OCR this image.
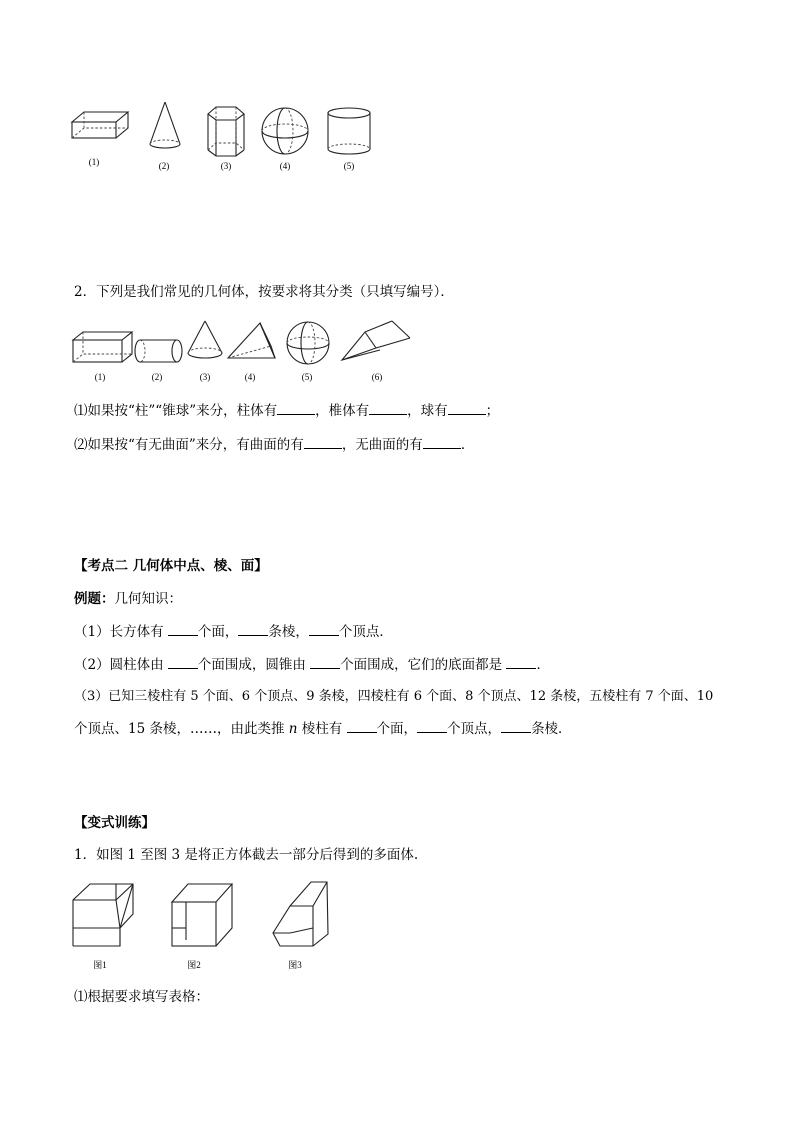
(1)	(2)	(3)	(4)	(5)
2．下列是我们常见的几何体，按要求将其分类（只填写编号）．
(1)	(2)	(3)	(4)	(5)	(6)
⑴如果按“柱”“锥球”来分，柱体有	，椎体有	，球有	；
⑵如果按“有无曲面”来分，有曲面的有	，无曲面的有	．
【考点二 几何体中点、棱、面】
例题：几何知识：
（1）长方体有 个面， 条棱， 个顶点．
（2）圆柱体由 个面围成，圆锥由 个面围成，它们的底面都是 ．
（3）已知三棱柱有 5 个面、6 个顶点、9 条棱，四棱柱有 6 个面、8 个顶点、12 条棱，五棱柱有 7 个面、10
个顶点、15 条棱，……，由此类推 n 棱柱有 个面， 个顶点， 条棱．
【变式训练】
1．如图 1 至图 3 是将正方体截去一部分后得到的多面体.
图1	图2	图3
⑴根据要求填写表格：
